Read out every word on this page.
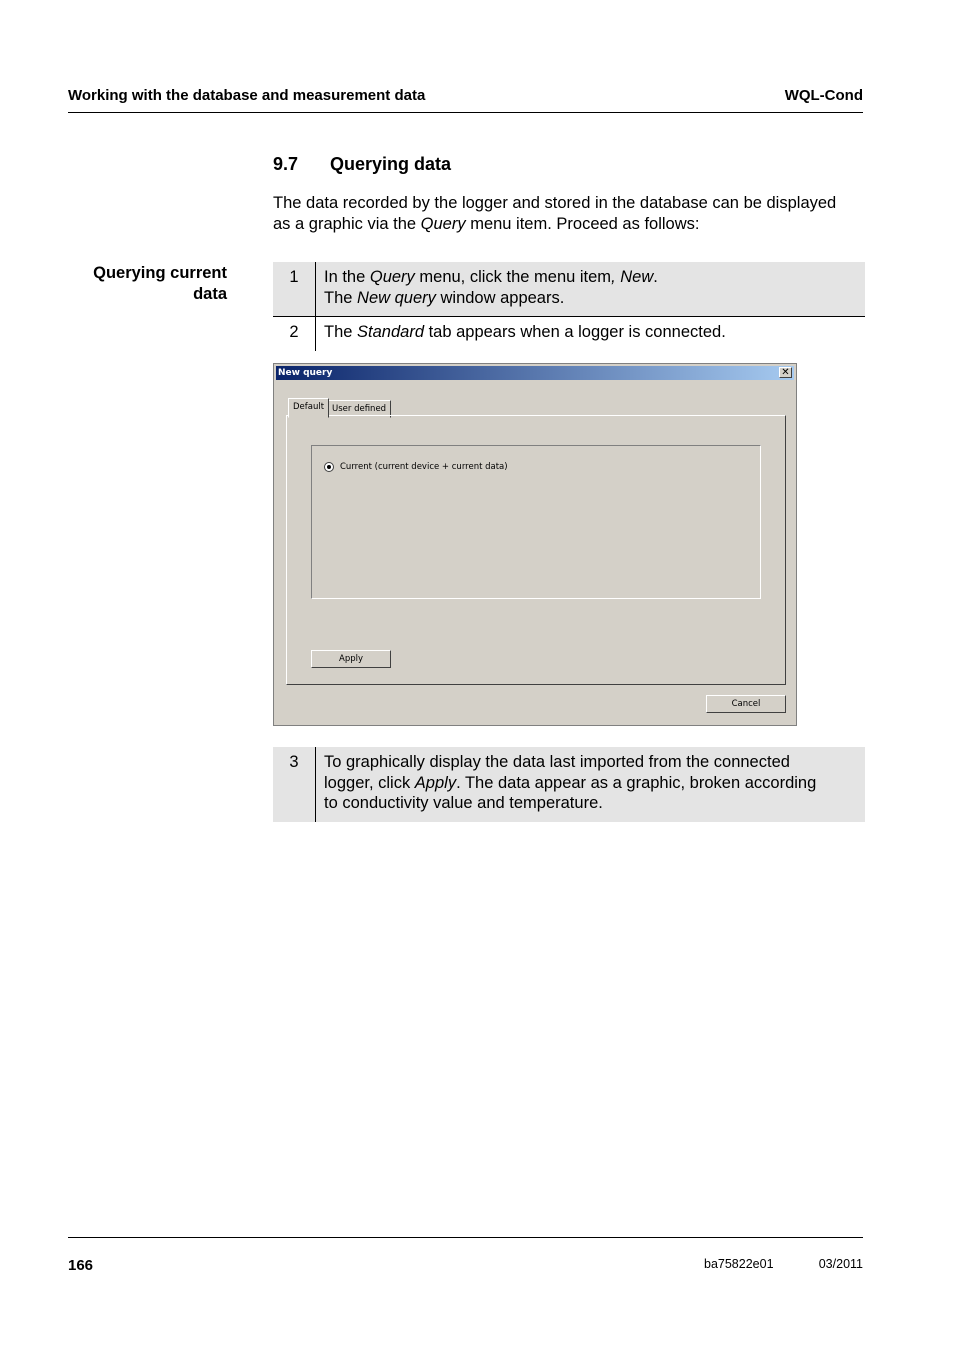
Working with the database and measurement data	WQL-Cond
9.7 Querying data
The data recorded by the logger and stored in the database can be displayed
as a graphic via the Query menu item. Proceed as follows:
Querying current
data
1	In the Query menu, click the menu item, New.
The New query window appears.
2	The Standard tab appears when a logger is connected.
New query	✕
Default User defined
Current (current device + current data)
Apply
Cancel
3	To graphically display the data last imported from the connected
logger, click Apply. The data appear as a graphic, broken according
to conductivity value and temperature.
166	ba75822e01	03/2011
